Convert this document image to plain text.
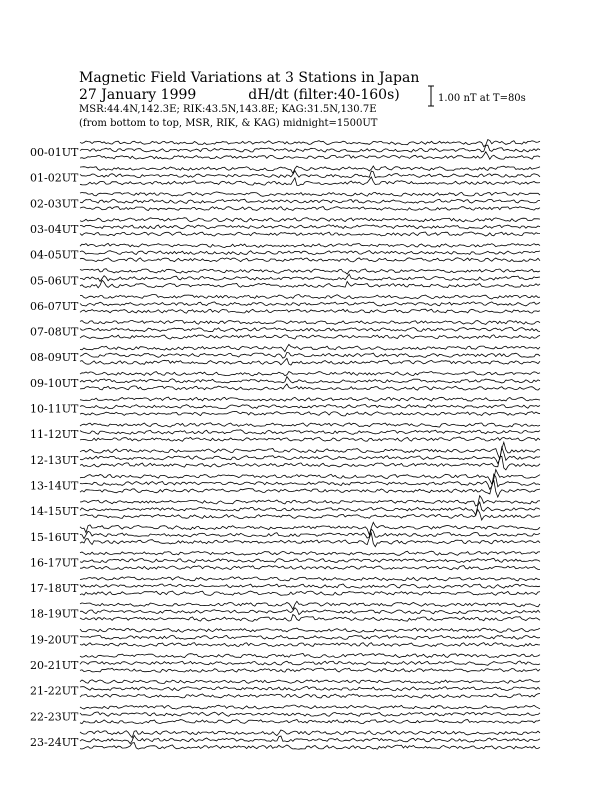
Magnetic Field Variations at 3 Stations in Japan
27 January 1999	dH/dt (filter:40-160s)
MSR:44.4N,142.3E; RIK:43.5N,143.8E; KAG:31.5N,130.7E
(from bottom to top, MSR, RIK, & KAG) midnight=1500UT
1.00 nT at T=80s
00-01UT
01-02UT
02-03UT
03-04UT
04-05UT
05-06UT
06-07UT
07-08UT
08-09UT
09-10UT
10-11UT
11-12UT
12-13UT
13-14UT
14-15UT
15-16UT
16-17UT
17-18UT
18-19UT
19-20UT
20-21UT
21-22UT
22-23UT
23-24UT
